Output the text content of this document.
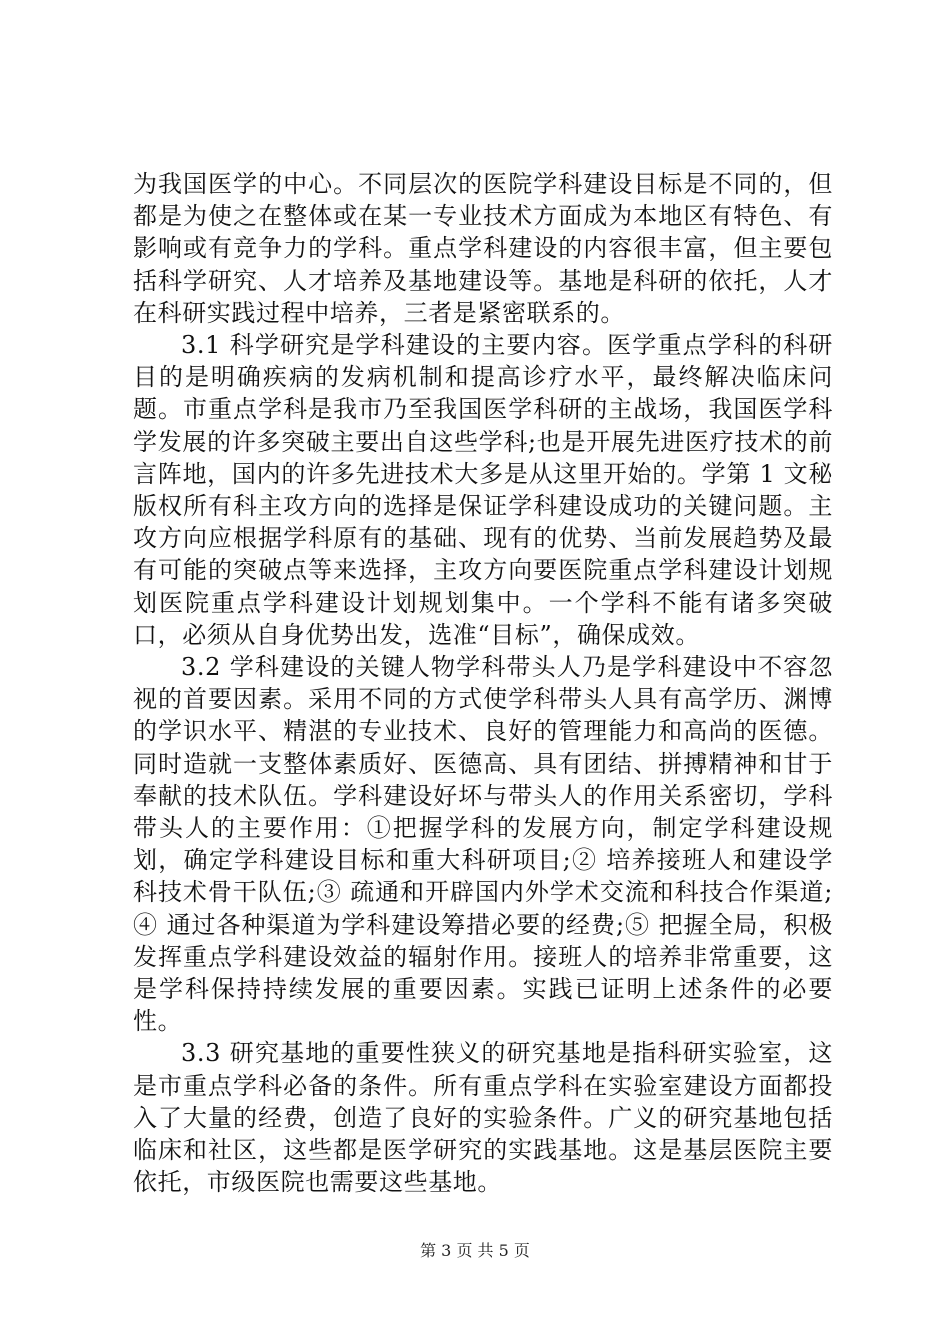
为我国医学的中心。不同层次的医院学科建设目标是不同的，但都是为使之在整体或在某一专业技术方面成为本地区有特色、有影响或有竞争力的学科。重点学科建设的内容很丰富，但主要包括科学研究、人才培养及基地建设等。基地是科研的依托，人才在科研实践过程中培养，三者是紧密联系的。

3.1 科学研究是学科建设的主要内容。医学重点学科的科研目的是明确疾病的发病机制和提高诊疗水平，最终解决临床问题。市重点学科是我市乃至我国医学科研的主战场，我国医学科学发展的许多突破主要出自这些学科;也是开展先进医疗技术的前言阵地，国内的许多先进技术大多是从这里开始的。学第 1 文秘版权所有科主攻方向的选择是保证学科建设成功的关键问题。主攻方向应根据学科原有的基础、现有的优势、当前发展趋势及最有可能的突破点等来选择，主攻方向要医院重点学科建设计划规划医院重点学科建设计划规划集中。一个学科不能有诸多突破口，必须从自身优势出发，选准“目标”，确保成效。

3.2 学科建设的关键人物学科带头人乃是学科建设中不容忽视的首要因素。采用不同的方式使学科带头人具有高学历、渊博的学识水平、精湛的专业技术、良好的管理能力和高尚的医德。同时造就一支整体素质好、医德高、具有团结、拼搏精神和甘于奉献的技术队伍。学科建设好坏与带头人的作用关系密切，学科带头人的主要作用：①把握学科的发展方向，制定学科建设规划，确定学科建设目标和重大科研项目;② 培养接班人和建设学科技术骨干队伍;③ 疏通和开辟国内外学术交流和科技合作渠道;④ 通过各种渠道为学科建设筹措必要的经费;⑤ 把握全局，积极发挥重点学科建设效益的辐射作用。接班人的培养非常重要，这是学科保持持续发展的重要因素。实践已证明上述条件的必要性。

3.3 研究基地的重要性狭义的研究基地是指科研实验室，这是市重点学科必备的条件。所有重点学科在实验室建设方面都投入了大量的经费，创造了良好的实验条件。广义的研究基地包括临床和社区，这些都是医学研究的实践基地。这是基层医院主要依托，市级医院也需要这些基地。

第 3 页 共 5 页
